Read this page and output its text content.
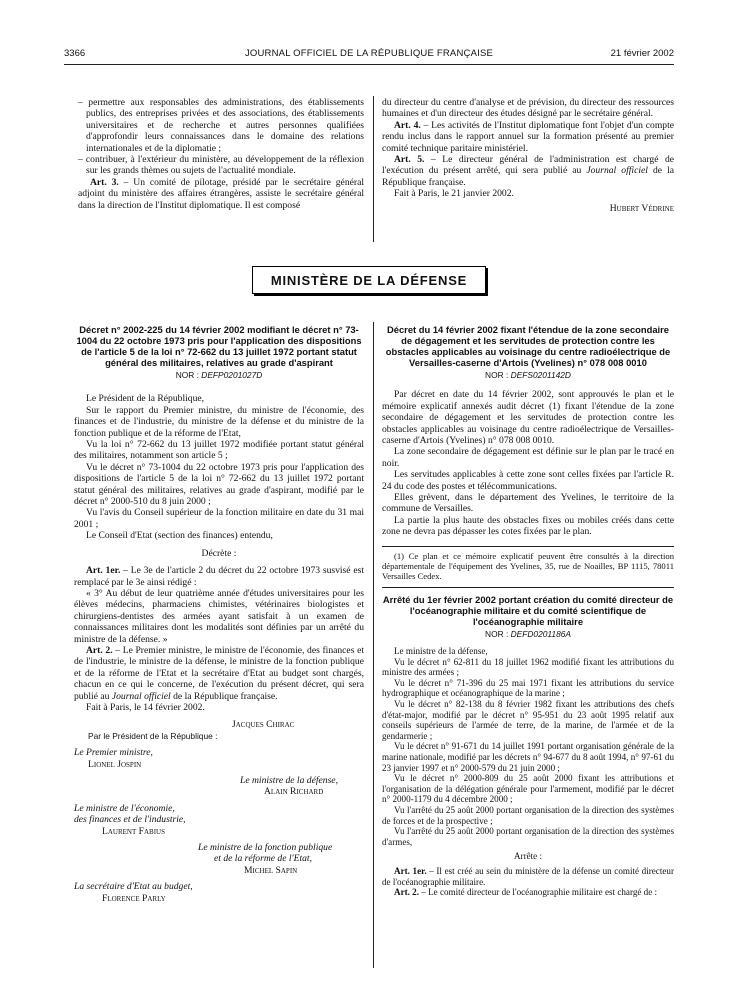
3366	JOURNAL OFFICIEL DE LA RÉPUBLIQUE FRANÇAISE	21 février 2002

– permettre aux responsables des administrations, des établissements publics, des entreprises privées et des associations, des établissements universitaires et de recherche et autres personnes qualifiées d'approfondir leurs connaissances dans le domaine des relations internationales et de la diplomatie ;

– contribuer, à l'extérieur du ministère, au développement de la réflexion sur les grands thèmes ou sujets de l'actualité mondiale.

Art. 3. – Un comité de pilotage, présidé par le secrétaire général adjoint du ministère des affaires étrangères, assiste le secrétaire général dans la direction de l'Institut diplomatique. Il est composé

du directeur du centre d'analyse et de prévision, du directeur des ressources humaines et d'un directeur des études désigné par le secrétaire général.

Art. 4. – Les activités de l'Institut diplomatique font l'objet d'un compte rendu inclus dans le rapport annuel sur la formation présenté au premier comité technique paritaire ministériel.

Art. 5. – Le directeur général de l'administration est chargé de l'exécution du présent arrêté, qui sera publié au Journal officiel de la République française.

Fait à Paris, le 21 janvier 2002.

Hubert Védrine

MINISTÈRE DE LA DÉFENSE

Décret n° 2002-225 du 14 février 2002 modifiant le décret n° 73-1004 du 22 octobre 1973 pris pour l'application des dispositions de l'article 5 de la loi n° 72-662 du 13 juillet 1972 portant statut général des militaires, relatives au grade d'aspirant

NOR : DEFP0201027D

Le Président de la République,

Sur le rapport du Premier ministre, du ministre de l'économie, des finances et de l'industrie, du ministre de la défense et du ministre de la fonction publique et de la réforme de l'Etat,

Vu la loi n° 72-662 du 13 juillet 1972 modifiée portant statut général des militaires, notamment son article 5 ;

Vu le décret n° 73-1004 du 22 octobre 1973 pris pour l'application des dispositions de l'article 5 de la loi n° 72-662 du 13 juillet 1972 portant statut général des militaires, relatives au grade d'aspirant, modifié par le décret n° 2000-510 du 8 juin 2000 ;

Vu l'avis du Conseil supérieur de la fonction militaire en date du 31 mai 2001 ;

Le Conseil d'Etat (section des finances) entendu,

Décrète :

Art. 1er. – Le 3e de l'article 2 du décret du 22 octobre 1973 susvisé est remplacé par le 3e ainsi rédigé :

« 3° Au début de leur quatrième année d'études universitaires pour les élèves médecins, pharmaciens chimistes, vétérinaires biologistes et chirurgiens-dentistes des armées ayant satisfait à un examen de connaissances militaires dont les modalités sont définies par un arrêté du ministre de la défense. »

Art. 2. – Le Premier ministre, le ministre de l'économie, des finances et de l'industrie, le ministre de la défense, le ministre de la fonction publique et de la réforme de l'Etat et la secrétaire d'Etat au budget sont chargés, chacun en ce qui le concerne, de l'exécution du présent décret, qui sera publié au Journal officiel de la République française.

Fait à Paris, le 14 février 2002.

Jacques Chirac

Par le Président de la République :

Le Premier ministre,

Lionel Jospin

Le ministre de la défense,

Alain Richard

Le ministre de l'économie,

des finances et de l'industrie,

Laurent Fabius

Le ministre de la fonction publique

et de la réforme de l'Etat,

Michel Sapin

La secrétaire d'Etat au budget,

Florence Parly

Décret du 14 février 2002 fixant l'étendue de la zone secondaire de dégagement et les servitudes de protection contre les obstacles applicables au voisinage du centre radioélectrique de Versailles-caserne d'Artois (Yvelines) n° 078 008 0010

NOR : DEFS0201142D

Par décret en date du 14 février 2002, sont approuvés le plan et le mémoire explicatif annexés audit décret (1) fixant l'étendue de la zone secondaire de dégagement et les servitudes de protection contre les obstacles applicables au voisinage du centre radioélectrique de Versailles-caserne d'Artois (Yvelines) n° 078 008 0010.

La zone secondaire de dégagement est définie sur le plan par le tracé en noir.

Les servitudes applicables à cette zone sont celles fixées par l'article R. 24 du code des postes et télécommunications.

Elles grèvent, dans le département des Yvelines, le territoire de la commune de Versailles.

La partie la plus haute des obstacles fixes ou mobiles créés dans cette zone ne devra pas dépasser les cotes fixées par le plan.

(1) Ce plan et ce mémoire explicatif peuvent être consultés à la direction départementale de l'équipement des Yvelines, 35, rue de Noailles, BP 1115, 78011 Versailles Cedex.

Arrêté du 1er février 2002 portant création du comité directeur de l'océanographie militaire et du comité scientifique de l'océanographie militaire

NOR : DEFD0201186A

Le ministre de la défense,

Vu le décret n° 62-811 du 18 juillet 1962 modifié fixant les attributions du ministre des armées ;

Vu le décret n° 71-396 du 25 mai 1971 fixant les attributions du service hydrographique et océanographique de la marine ;

Vu le décret n° 82-138 du 8 février 1982 fixant les attributions des chefs d'état-major, modifié par le décret n° 95-951 du 23 août 1995 relatif aux conseils supérieurs de l'armée de terre, de la marine, de l'armée et de la gendarmerie ;

Vu le décret n° 91-671 du 14 juillet 1991 portant organisation générale de la marine nationale, modifié par les décrets n° 94-677 du 8 août 1994, n° 97-61 du 23 janvier 1997 et n° 2000-579 du 21 juin 2000 ;

Vu le décret n° 2000-809 du 25 août 2000 fixant les attributions et l'organisation de la délégation générale pour l'armement, modifié par le décret n° 2000-1179 du 4 décembre 2000 ;

Vu l'arrêté du 25 août 2000 portant organisation de la direction des systèmes de forces et de la prospective ;

Vu l'arrêté du 25 août 2000 portant organisation de la direction des systèmes d'armes,

Arrête :

Art. 1er. – Il est créé au sein du ministère de la défense un comité directeur de l'océanographie militaire.

Art. 2. – Le comité directeur de l'océanographie militaire est chargé de :
